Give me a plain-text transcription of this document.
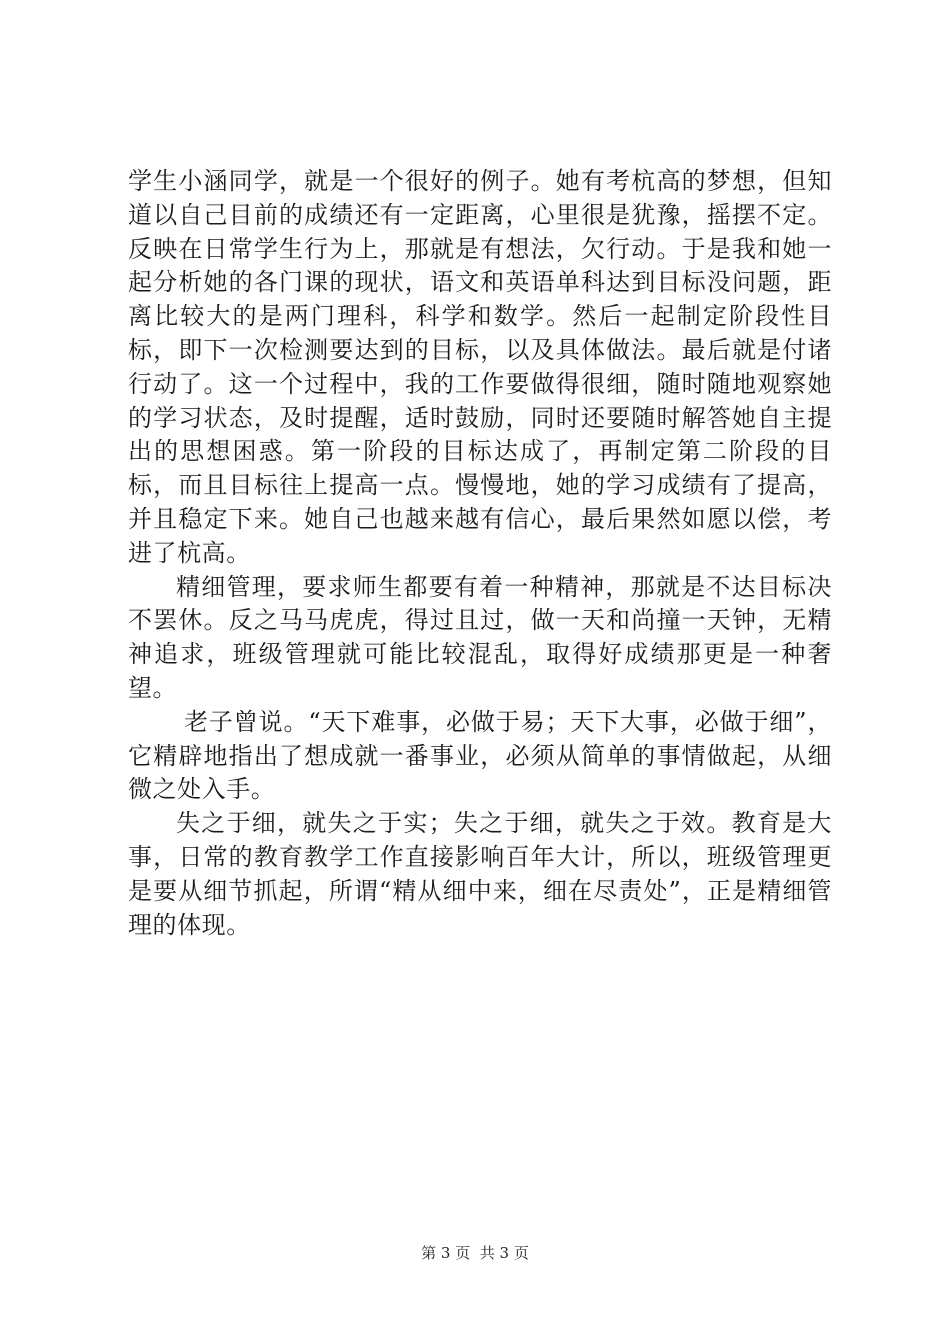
学生小涵同学，就是一个很好的例子。她有考杭高的梦想，但知道以自己目前的成绩还有一定距离，心里很是犹豫，摇摆不定。反映在日常学生行为上，那就是有想法，欠行动。于是我和她一起分析她的各门课的现状，语文和英语单科达到目标没问题，距离比较大的是两门理科，科学和数学。然后一起制定阶段性目标，即下一次检测要达到的目标，以及具体做法。最后就是付诸行动了。这一个过程中，我的工作要做得很细，随时随地观察她的学习状态，及时提醒，适时鼓励，同时还要随时解答她自主提出的思想困惑。第一阶段的目标达成了，再制定第二阶段的目标，而且目标往上提高一点。慢慢地，她的学习成绩有了提高，并且稳定下来。她自己也越来越有信心，最后果然如愿以偿，考进了杭高。

精细管理，要求师生都要有着一种精神，那就是不达目标决不罢休。反之马马虎虎，得过且过，做一天和尚撞一天钟，无精神追求，班级管理就可能比较混乱，取得好成绩那更是一种奢望。

老子曾说。“天下难事，必做于易；天下大事，必做于细”，它精辟地指出了想成就一番事业，必须从简单的事情做起，从细微之处入手。

失之于细，就失之于实；失之于细，就失之于效。教育是大事，日常的教育教学工作直接影响百年大计，所以，班级管理更是要从细节抓起，所谓“精从细中来，细在尽责处”，正是精细管理的体现。

第 3 页  共 3 页
